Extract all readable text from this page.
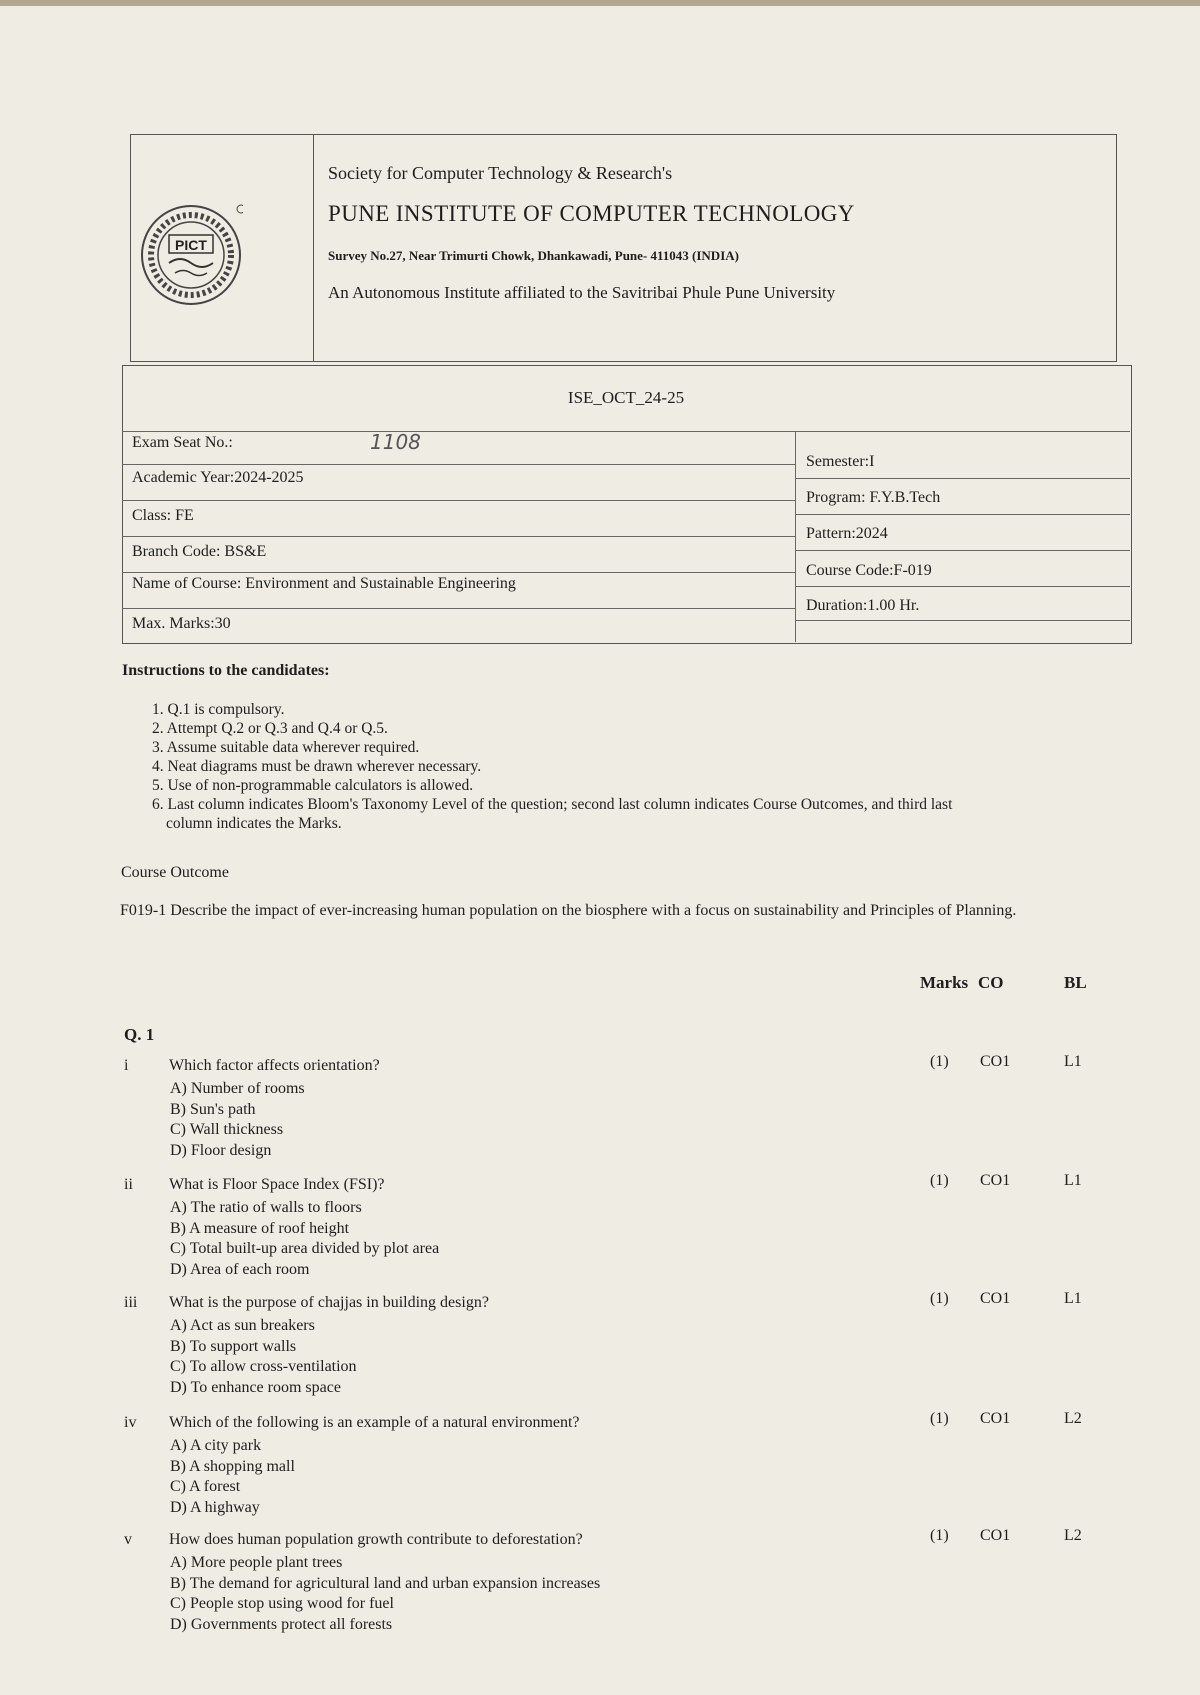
PICT
Society for Computer Technology & Research's
PUNE INSTITUTE OF COMPUTER TECHNOLOGY
Survey No.27, Near Trimurti Chowk, Dhankawadi, Pune- 411043 (INDIA)
An Autonomous Institute affiliated to the Savitribai Phule Pune University
ISE_OCT_24-25
Exam Seat No.:	1108
Academic Year:2024-2025
Class: FE
Branch Code: BS&E
Name of Course: Environment and Sustainable Engineering
Max. Marks:30
Semester:I
Program: F.Y.B.Tech
Pattern:2024
Course Code:F-019
Duration:1.00 Hr.
Instructions to the candidates:
1. Q.1 is compulsory.
2. Attempt Q.2 or Q.3 and Q.4 or Q.5.
3. Assume suitable data wherever required.
4. Neat diagrams must be drawn wherever necessary.
5. Use of non-programmable calculators is allowed.
6. Last column indicates Bloom's Taxonomy Level of the question; second last column indicates Course Outcomes, and third last
column indicates the Marks.
Course Outcome
F019-1 Describe the impact of ever-increasing human population on the biosphere with a focus on sustainability and Principles of Planning.
Marks CO	BL
Q. 1
i	Which factor affects orientation?
A) Number of rooms
B) Sun's path
C) Wall thickness
D) Floor design
(1) CO1	L1
ii What is Floor Space Index (FSI)?
A) The ratio of walls to floors
B) A measure of roof height
C) Total built-up area divided by plot area
D) Area of each room
(1) CO1	L1
iii What is the purpose of chajjas in building design?
A) Act as sun breakers
B) To support walls
C) To allow cross-ventilation
D) To enhance room space
(1) CO1	L1
iv Which of the following is an example of a natural environment?
A) A city park
B) A shopping mall
C) A forest
D) A highway
(1) CO1	L2
v How does human population growth contribute to deforestation?
A) More people plant trees
B) The demand for agricultural land and urban expansion increases
C) People stop using wood for fuel
D) Governments protect all forests
(1) CO1	L2
